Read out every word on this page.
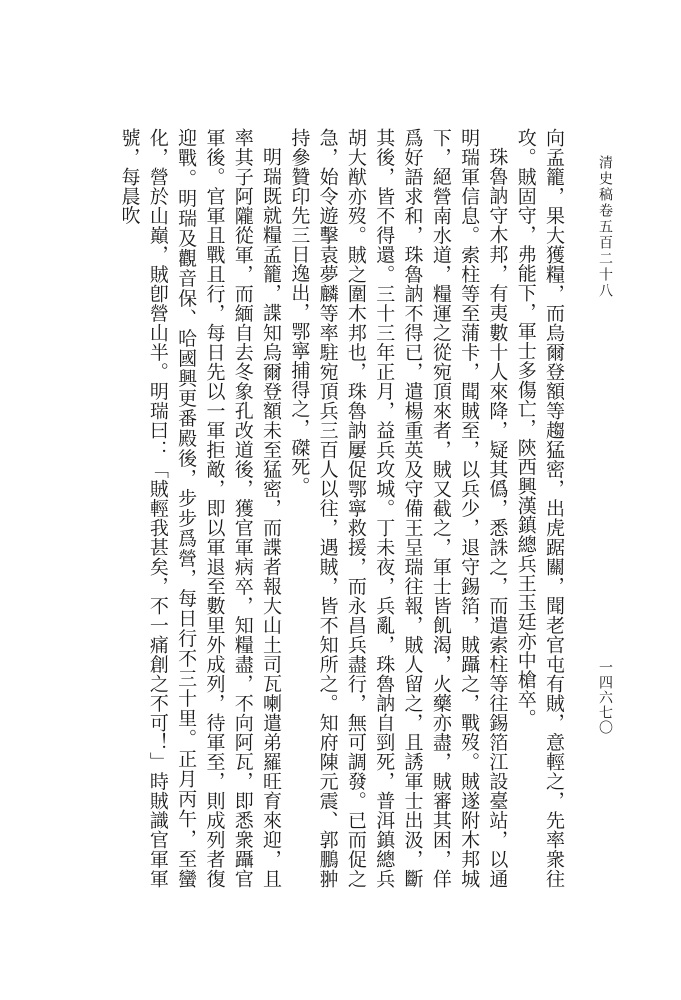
清史稿卷五百二十八
一四六七〇

向孟籠，果大獲糧，而烏爾登額等趨猛密，出虎踞關，聞老官屯有賊，意輕之，先率衆往攻。賊固守，弗能下，軍士多傷亡，陝西興漢鎮總兵王玉廷亦中槍卒。

珠魯訥守木邦，有夷數十人來降，疑其僞，悉誅之，而遣索柱等往錫箔江設臺站，以通明瑞軍信息。索柱等至蒲卡，聞賊至，以兵少，退守錫箔，賊躡之，戰歿。賊遂附木邦城下，絕營南水道，糧運之從宛頂來者，賊又截之，軍士皆飢渴，火藥亦盡，賊審其困，佯爲好語求和，珠魯訥不得已，遣楊重英及守備王呈瑞往報，賊人留之，且誘軍士出汲，斷其後，皆不得還。三十三年正月，益兵攻城。丁未夜，兵亂，珠魯訥自剄死，普洱鎮總兵胡大猷亦歿。賊之圍木邦也，珠魯訥屢促鄂寧救援，而永昌兵盡行，無可調發。已而促之急，始令遊擊袁夢麟等率駐宛頂兵三百人以往，遇賊，皆不知所之。知府陳元震、郭鵬翀持參贊印先三日逸出，鄂寧捕得之，磔死。

明瑞既就糧孟籠，諜知烏爾登額未至猛密，而諜者報大山土司瓦喇遣弟羅旺育來迎，且率其子阿隴從軍，而緬自去冬象孔改道後，獲官軍病卒，知糧盡，不向阿瓦，即悉衆躡官軍後。官軍且戰且行，每日先以一軍拒敵，即以軍退至數里外成列，待軍至，則成列者復迎戰。明瑞及觀音保、哈國興更番殿後，步步爲營，每日行不三十里。正月丙午，至蠻化，營於山巔，賊卽營山半。明瑞曰：「賊輕我甚矣，不一痛創之不可！」時賊識官軍軍號，每晨吹
